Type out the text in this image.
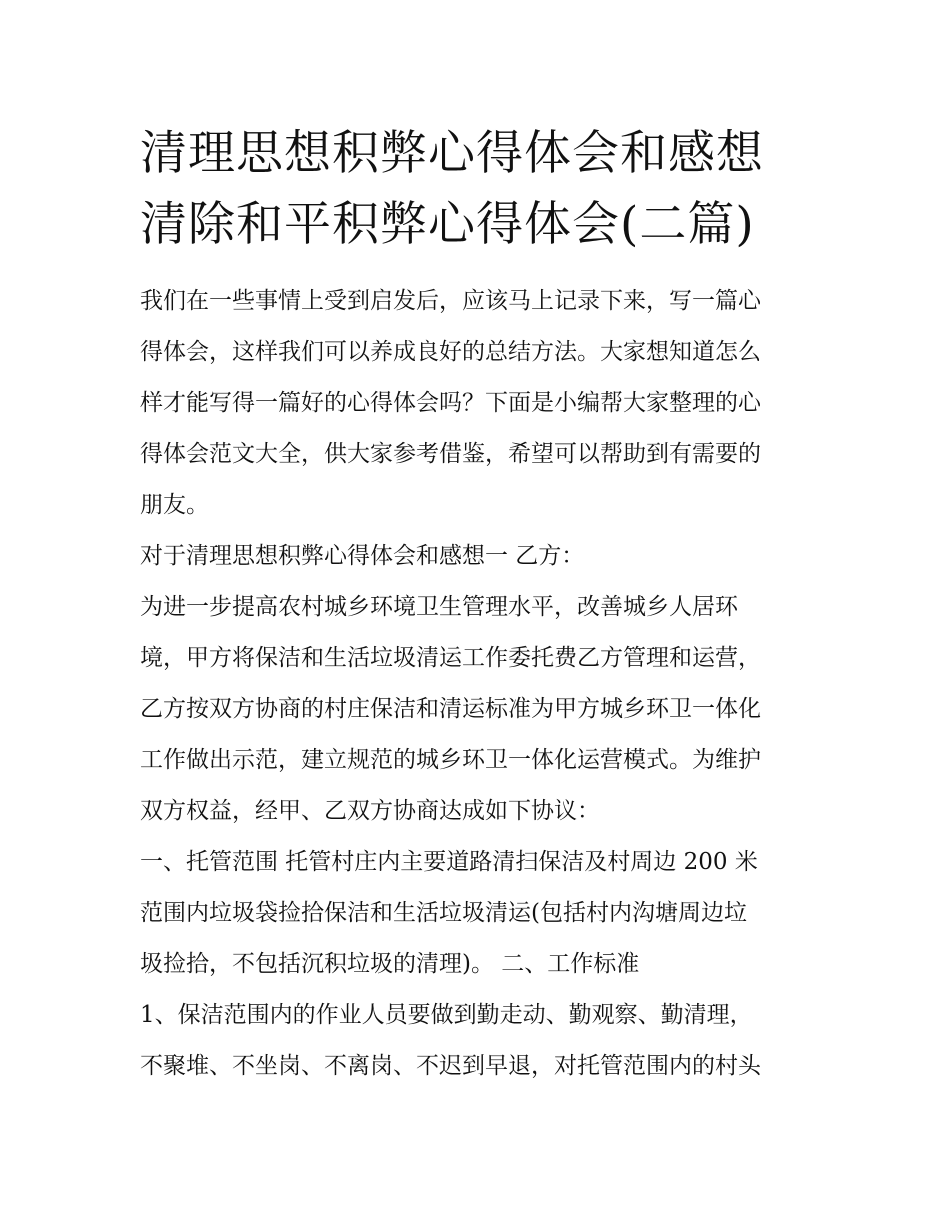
清理思想积弊心得体会和感想
清除和平积弊心得体会(二篇)
我们在一些事情上受到启发后，应该马上记录下来，写一篇心
得体会，这样我们可以养成良好的总结方法。大家想知道怎么
样才能写得一篇好的心得体会吗？下面是小编帮大家整理的心
得体会范文大全，供大家参考借鉴，希望可以帮助到有需要的
朋友。
对于清理思想积弊心得体会和感想一 乙方：
为进一步提高农村城乡环境卫生管理水平，改善城乡人居环
境，甲方将保洁和生活垃圾清运工作委托费乙方管理和运营，
乙方按双方协商的村庄保洁和清运标准为甲方城乡环卫一体化
工作做出示范，建立规范的城乡环卫一体化运营模式。为维护
双方权益，经甲、乙双方协商达成如下协议：
一、托管范围 托管村庄内主要道路清扫保洁及村周边 200 米
范围内垃圾袋捡拾保洁和生活垃圾清运(包括村内沟塘周边垃
圾捡拾，不包括沉积垃圾的清理)。 二、工作标准
1、保洁范围内的作业人员要做到勤走动、勤观察、勤清理，
不聚堆、不坐岗、不离岗、不迟到早退，对托管范围内的村头
